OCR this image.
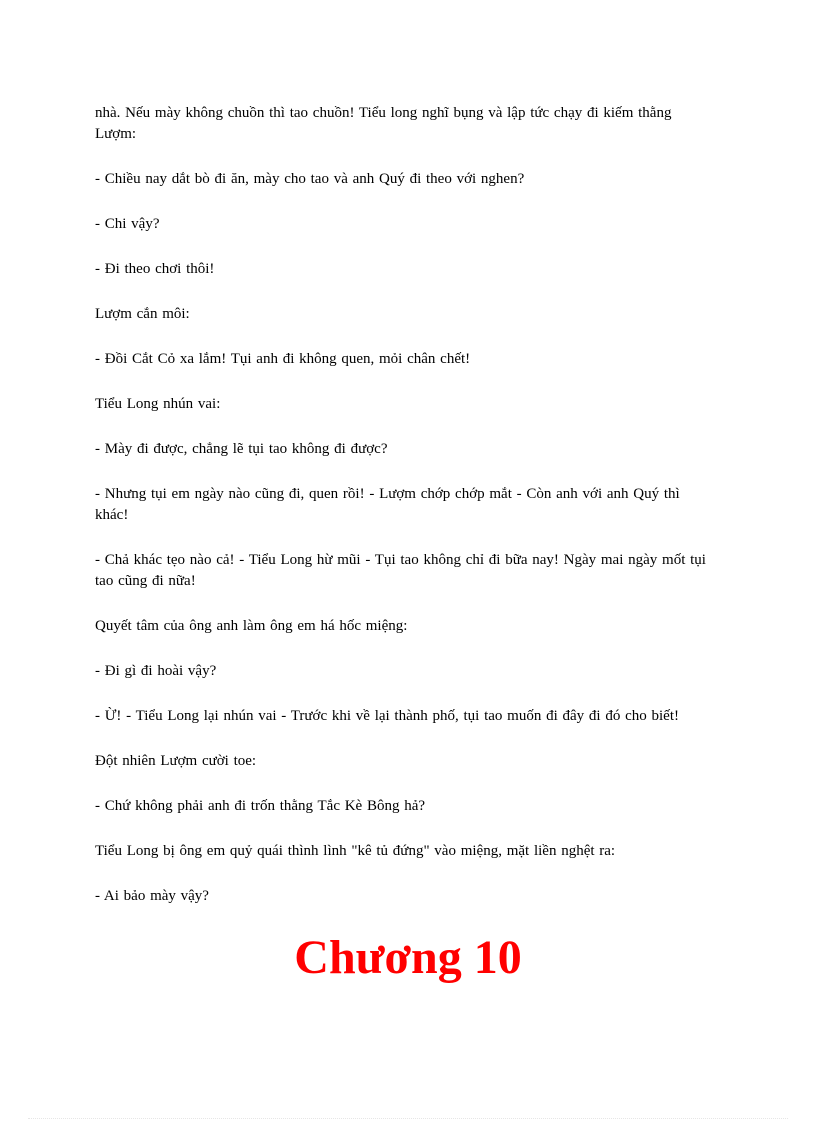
nhà. Nếu mày không chuồn thì tao chuồn! Tiểu long nghĩ bụng và lập tức chạy đi kiếm thằng Lượm:

- Chiều nay dắt bò đi ăn, mày cho tao và anh Quý đi theo với nghen?

- Chi vậy?

- Đi theo chơi thôi!

Lượm cắn môi:

- Đồi Cắt Cỏ xa lắm! Tụi anh đi không quen, mỏi chân chết!

Tiểu Long nhún vai:

- Mày đi được, chẳng lẽ tụi tao không đi được?

- Nhưng tụi em ngày nào cũng đi, quen rồi! - Lượm chớp chớp mắt - Còn anh với anh Quý thì khác!

- Chả khác tẹo nào cả! - Tiểu Long hừ mũi - Tụi tao không chỉ đi bữa nay! Ngày mai ngày mốt tụi tao cũng đi nữa!

Quyết tâm của ông anh làm ông em há hốc miệng:

- Đi gì đi hoài vậy?

- Ừ! - Tiểu Long lại nhún vai - Trước khi về lại thành phố, tụi tao muốn đi đây đi đó cho biết!

Đột nhiên Lượm cười toe:

- Chứ không phải anh đi trốn thằng Tắc Kè Bông hả?

Tiểu Long bị ông em quỷ quái thình lình "kê tủ đứng" vào miệng, mặt liền nghệt ra:

- Ai bảo mày vậy?

Chương 10
